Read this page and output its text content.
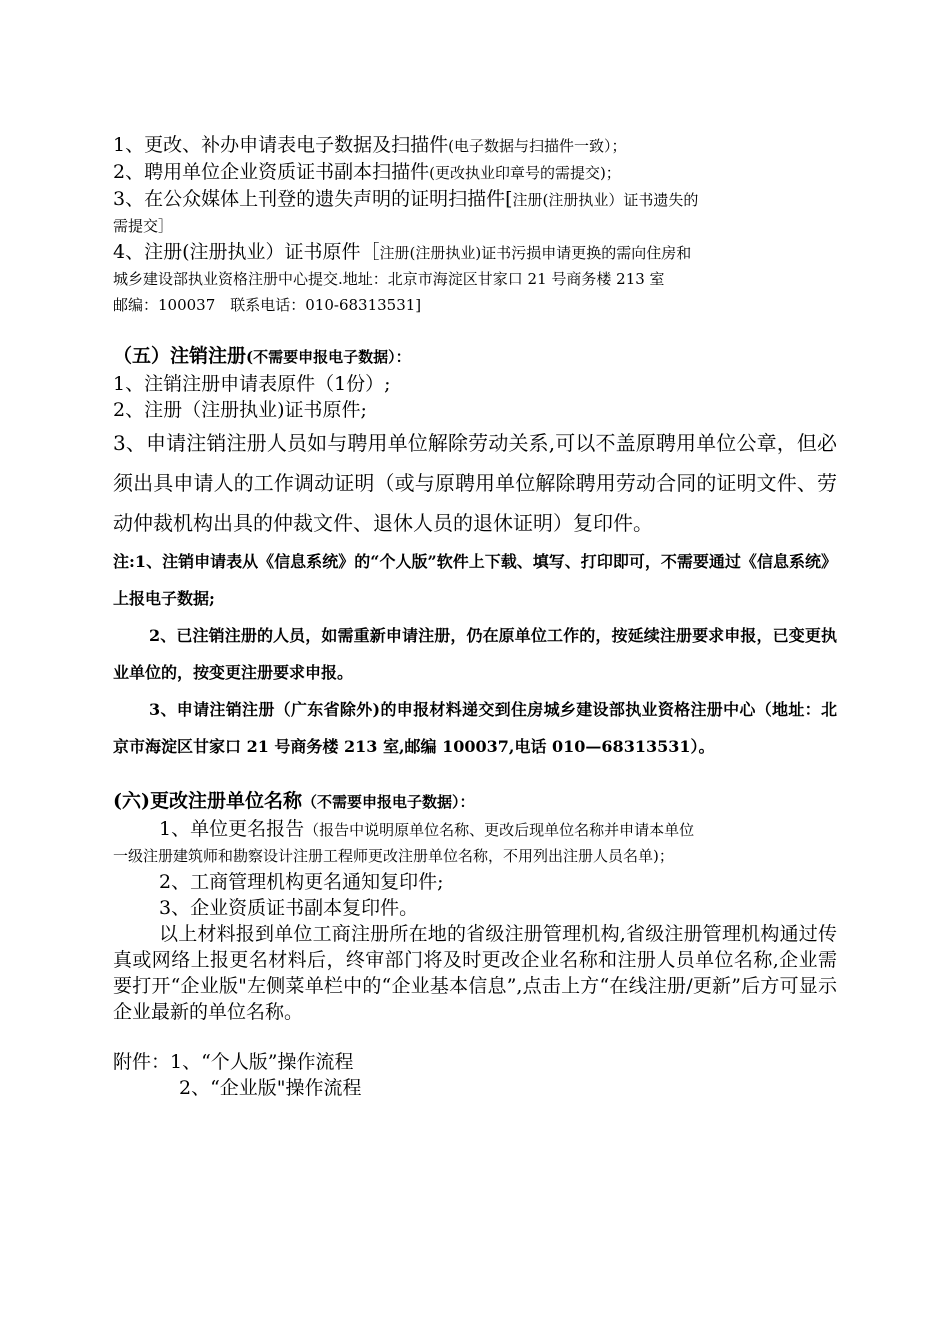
1、更改、补办申请表电子数据及扫描件(电子数据与扫描件一致）；

2、聘用单位企业资质证书副本扫描件(更改执业印章号的需提交)；

3、在公众媒体上刊登的遗失声明的证明扫描件[注册(注册执业）证书遗失的

需提交］

4、注册(注册执业）证书原件［注册(注册执业)证书污损申请更换的需向住房和

城乡建设部执业资格注册中心提交.地址：北京市海淀区甘家口 21 号商务楼 213 室

邮编：100037　联系电话：010-68313531]

（五）注销注册(不需要申报电子数据）：

1、注销注册申请表原件（1份）;

2、注册（注册执业)证书原件;

3、申请注销注册人员如与聘用单位解除劳动关系,可以不盖原聘用单位公章，但必须出具申请人的工作调动证明（或与原聘用单位解除聘用劳动合同的证明文件、劳动仲裁机构出具的仲裁文件、退休人员的退休证明）复印件。

注:1、注销申请表从《信息系统》的“个人版”软件上下载、填写、打印即可，不需要通过《信息系统》上报电子数据;

2、已注销注册的人员，如需重新申请注册，仍在原单位工作的，按延续注册要求申报，已变更执业单位的，按变更注册要求申报。

3、申请注销注册（广东省除外)的申报材料递交到住房城乡建设部执业资格注册中心（地址：北京市海淀区甘家口 21 号商务楼 213 室,邮编 100037,电话 010—68313531）。

(六)更改注册单位名称（不需要申报电子数据）：

1、单位更名报告（报告中说明原单位名称、更改后现单位名称并申请本单位

一级注册建筑师和勘察设计注册工程师更改注册单位名称，不用列出注册人员名单)；

2、工商管理机构更名通知复印件;

3、企业资质证书副本复印件。

以上材料报到单位工商注册所在地的省级注册管理机构,省级注册管理机构通过传真或网络上报更名材料后，终审部门将及时更改企业名称和注册人员单位名称,企业需要打开“企业版"左侧菜单栏中的“企业基本信息”,点击上方“在线注册/更新”后方可显示企业最新的单位名称。

附件：1、“个人版”操作流程

2、“企业版"操作流程
